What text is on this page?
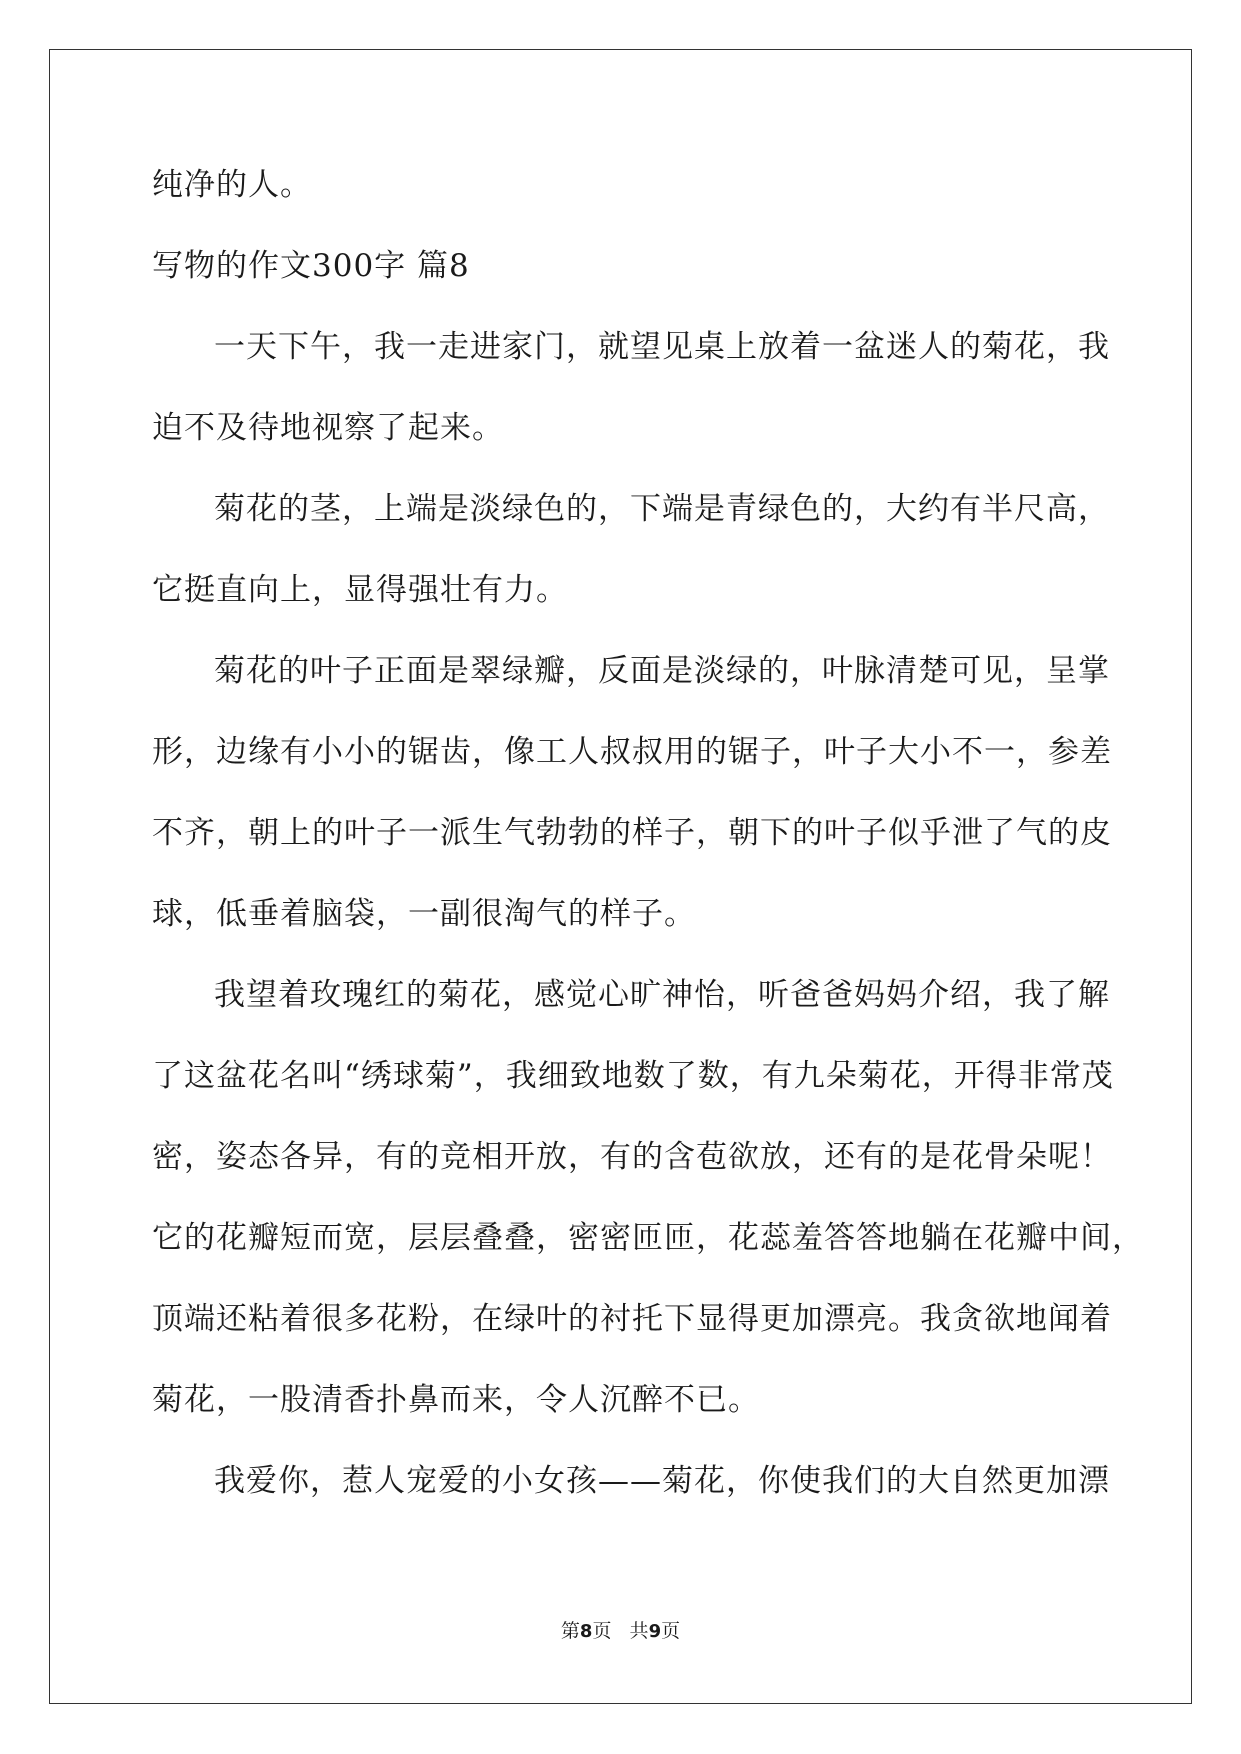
纯净的人。
写物的作文300字 篇8
一天下午，我一走进家门，就望见桌上放着一盆迷人的菊花，我
迫不及待地视察了起来。
菊花的茎，上端是淡绿色的，下端是青绿色的，大约有半尺高，
它挺直向上，显得强壮有力。
菊花的叶子正面是翠绿瓣，反面是淡绿的，叶脉清楚可见，呈掌
形，边缘有小小的锯齿，像工人叔叔用的锯子，叶子大小不一，参差
不齐，朝上的叶子一派生气勃勃的样子，朝下的叶子似乎泄了气的皮
球，低垂着脑袋，一副很淘气的样子。
我望着玫瑰红的菊花，感觉心旷神怡，听爸爸妈妈介绍，我了解
了这盆花名叫“绣球菊”，我细致地数了数，有九朵菊花，开得非常茂
密，姿态各异，有的竞相开放，有的含苞欲放，还有的是花骨朵呢！
它的花瓣短而宽，层层叠叠，密密匝匝，花蕊羞答答地躺在花瓣中间，
顶端还粘着很多花粉，在绿叶的衬托下显得更加漂亮。我贪欲地闻着
菊花，一股清香扑鼻而来，令人沉醉不已。
我爱你，惹人宠爱的小女孩——菊花，你使我们的大自然更加漂
第8页   共9页
